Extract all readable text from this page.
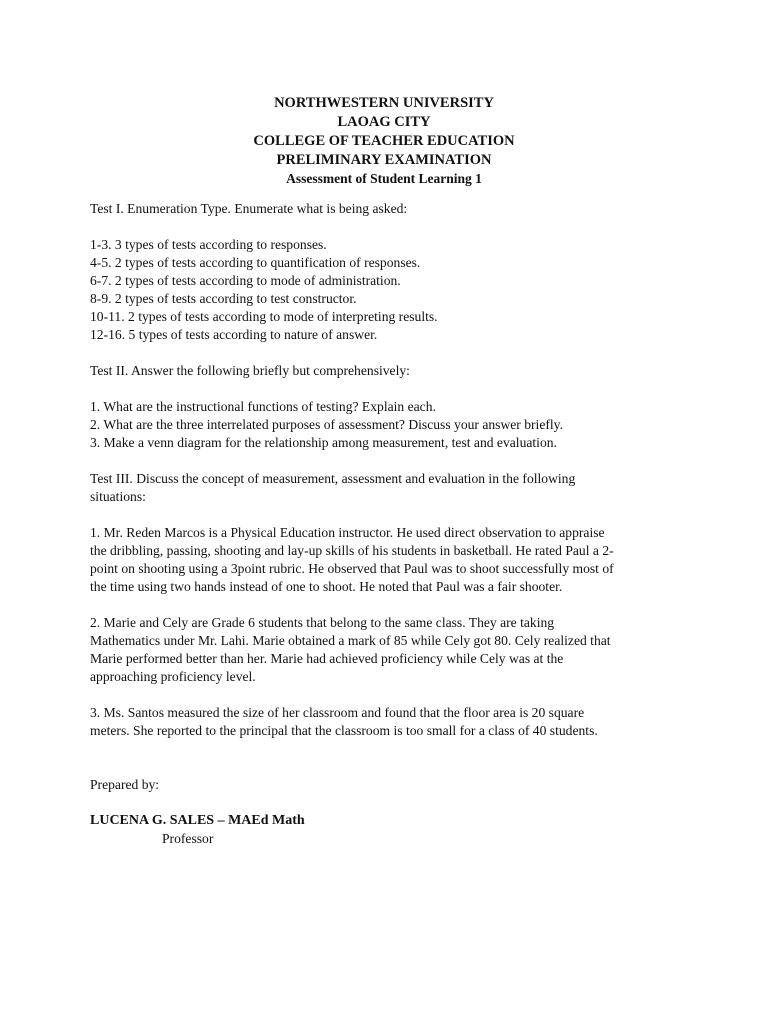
NORTHWESTERN UNIVERSITY
LAOAG CITY
COLLEGE OF TEACHER EDUCATION
PRELIMINARY EXAMINATION
Assessment of Student Learning 1

Test I. Enumeration Type. Enumerate what is being asked:

1-3. 3 types of tests according to responses.

4-5. 2 types of tests according to quantification of responses.

6-7. 2 types of tests according to mode of administration.

8-9. 2 types of tests according to test constructor.

10-11. 2 types of tests according to mode of interpreting results.

12-16. 5 types of tests according to nature of answer.

Test II. Answer the following briefly but comprehensively:

1. What are the instructional functions of testing? Explain each.

2. What are the three interrelated purposes of assessment? Discuss your answer briefly.

3. Make a venn diagram for the relationship among measurement, test and evaluation.

Test III. Discuss the concept of measurement, assessment and evaluation in the following

situations:

1. Mr. Reden Marcos is a Physical Education instructor. He used direct observation to appraise

the dribbling, passing, shooting and lay-up skills of his students in basketball. He rated Paul a 2-

point on shooting using a 3point rubric. He observed that Paul was to shoot successfully most of

the time using two hands instead of one to shoot. He noted that Paul was a fair shooter.

2. Marie and Cely are Grade 6 students that belong to the same class. They are taking

Mathematics under Mr. Lahi. Marie obtained a mark of 85 while Cely got 80. Cely realized that

Marie performed better than her. Marie had achieved proficiency while Cely was at the

approaching proficiency level.

3. Ms. Santos measured the size of her classroom and found that the floor area is 20 square

meters. She reported to the principal that the classroom is too small for a class of 40 students.

Prepared by:

LUCENA G. SALES – MAEd Math

Professor
